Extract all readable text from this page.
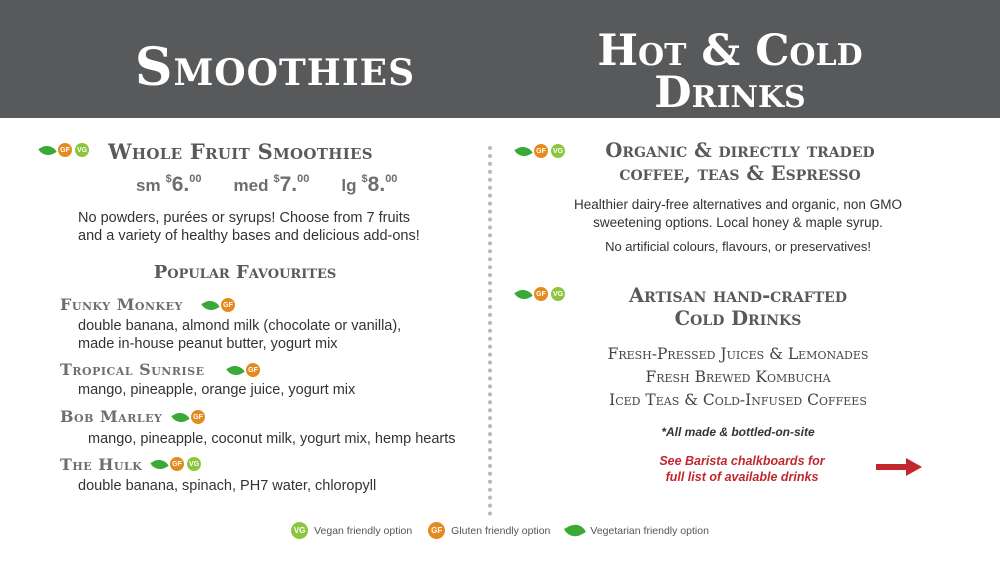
Smoothies	Hot & Cold
Drinks
GF	VG Whole Fruit Smoothies
sm $6.00 med $7.00 lg $8.00
No powders, purées or syrups! Choose from 7 fruits
and a variety of healthy bases and delicious add-ons!
Popular Favourites
Funky Monkey	GF
double banana, almond milk (chocolate or vanilla),
made in-house peanut butter, yogurt mix
Tropical Sunrise	GF
mango, pineapple, orange juice, yogurt mix
Bob Marley	GF
mango, pineapple, coconut milk, yogurt mix, hemp hearts
The Hulk	GF	VG
double banana, spinach, PH7 water, chloropyll
GF	VG	Organic & directly traded
coffee, teas & Espresso
Healthier dairy-free alternatives and organic, non GMO
sweetening options. Local honey & maple syrup.
No artificial colours, flavours, or preservatives!
GF	VG	Artisan hand-crafted
Cold Drinks
Fresh-Pressed Juices & Lemonades
Fresh Brewed Kombucha
Iced Teas & Cold-Infused Coffees
*All made & bottled-on-site
See Barista chalkboards for
full list of available drinks
VG Vegan friendly option	GF Gluten friendly option	Vegetarian friendly option
